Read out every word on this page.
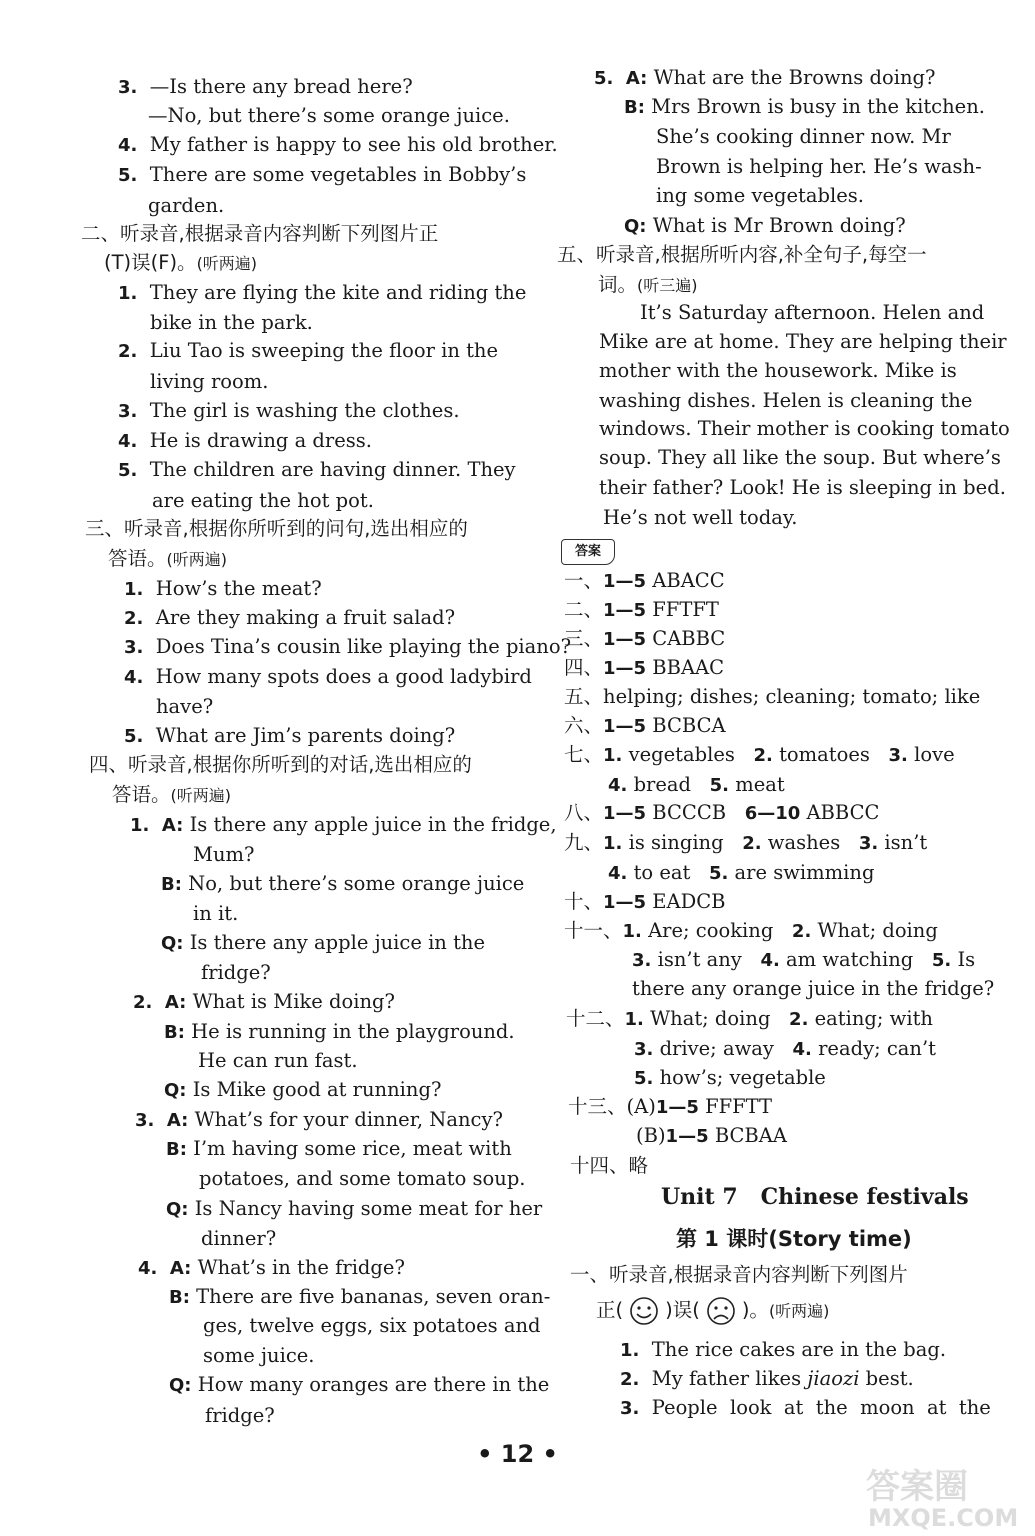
3. —Is there any bread here?
—No, but there’s some orange juice.
4. My father is happy to see his old brother.
5. There are some vegetables in Bobby’s
garden.
二、听录音,根据录音内容判断下列图片正
(T)误(F)。(听两遍)
1. They are flying the kite and riding the
bike in the park.
2. Liu Tao is sweeping the floor in the
living room.
3. The girl is washing the clothes.
4. He is drawing a dress.
5. The children are having dinner. They
are eating the hot pot.
三、听录音,根据你所听到的问句,选出相应的
答语。(听两遍)
1. How’s the meat?
2. Are they making a fruit salad?
3. Does Tina’s cousin like playing the piano?
4. How many spots does a good ladybird
have?
5. What are Jim’s parents doing?
四、听录音,根据你所听到的对话,选出相应的
答语。(听两遍)
1.  A: Is there any apple juice in the fridge,
Mum?
B: No, but there’s some orange juice
in it.
Q: Is there any apple juice in the
fridge?
2.  A: What is Mike doing?
B: He is running in the playground.
He can run fast.
Q: Is Mike good at running?
3.  A: What’s for your dinner, Nancy?
B: I’m having some rice, meat with
potatoes, and some tomato soup.
Q: Is Nancy having some meat for her
dinner?
4.  A: What’s in the fridge?
B: There are five bananas, seven oran-
ges, twelve eggs, six potatoes and
some juice.
Q: How many oranges are there in the
fridge?
5.  A: What are the Browns doing?
B: Mrs Brown is busy in the kitchen.
She’s cooking dinner now. Mr
Brown is helping her. He’s wash-
ing some vegetables.
Q: What is Mr Brown doing?
五、听录音,根据所听内容,补全句子,每空一
词。(听三遍)
It’s Saturday afternoon. Helen and
Mike are at home. They are helping their
mother with the housework. Mike is
washing dishes. Helen is cleaning the
windows. Their mother is cooking tomato
soup. They all like the soup. But where’s
their father? Look! He is sleeping in bed.
He’s not well today.
答案
一、1—5 ABACC
二、1—5 FFTFT
三、1—5 CABBC
四、1—5 BBAAC
五、helping; dishes; cleaning; tomato; like
六、1—5 BCBCA
七、1. vegetables 2. tomatoes 3. love
4. bread 5. meat
八、1—5 BCCCB 6—10 ABBCC
九、1. is singing 2. washes 3. isn’t
4. to eat 5. are swimming
十、1—5 EADCB
十一、1. Are; cooking 2. What; doing
3. isn’t any 4. am watching 5. Is
there any orange juice in the fridge?
十二、1. What; doing 2. eating; with
3. drive; away 4. ready; can’t
5. how’s; vegetable
十三、(A)1—5 FFFTT
(B)1—5 BCBAA
十四、略
Unit 7   Chinese festivals
第 1 课时(Story time)
一、听录音,根据录音内容判断下列图片
正( )误( )。(听两遍)
1. The rice cakes are in the bag.
2. My father likes jiaozi best.
3. People  look  at  the  moon  at  the
• 12 •
答案圈
MXQE.COM
